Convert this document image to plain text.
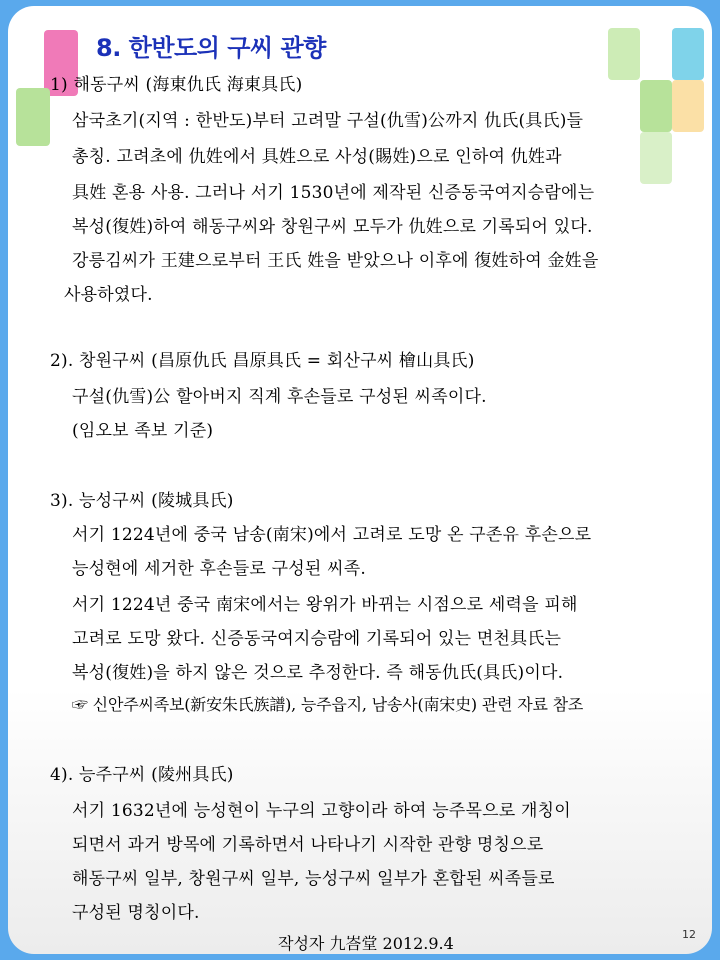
8. 한반도의 구씨 관향
1) 해동구씨 (海東仇氏 海東具氏)
삼국초기(지역 : 한반도)부터 고려말 구설(仇雪)公까지 仇氏(具氏)들
총칭. 고려초에 仇姓에서 具姓으로 사성(賜姓)으로 인하여 仇姓과
具姓 혼용 사용. 그러나 서기 1530년에 제작된 신증동국여지승람에는
복성(復姓)하여 해동구씨와 창원구씨 모두가 仇姓으로 기록되어 있다.
강릉김씨가 王建으로부터 王氏 姓을 받았으나 이후에 復姓하여 金姓을
사용하였다.
2). 창원구씨 (昌原仇氏 昌原具氏 = 회산구씨 檜山具氏)
구설(仇雪)公 할아버지 직계 후손들로 구성된 씨족이다.
(임오보 족보 기준)
3). 능성구씨 (陵城具氏)
서기 1224년에 중국 남송(南宋)에서 고려로 도망 온 구존유 후손으로
능성현에 세거한 후손들로 구성된 씨족.
서기 1224년 중국 南宋에서는 왕위가 바뀌는 시점으로 세력을 피해
고려로 도망 왔다. 신증동국여지승람에 기록되어 있는 면천具氏는
복성(復姓)을 하지 않은 것으로 추정한다. 즉 해동仇氏(具氏)이다.
☞ 신안주씨족보(新安朱氏族譜), 능주읍지, 남송사(南宋史) 관련 자료 참조
4). 능주구씨 (陵州具氏)
서기 1632년에 능성현이 누구의 고향이라 하여 능주목으로 개칭이
되면서 과거 방목에 기록하면서 나타나기 시작한 관향 명칭으로
해동구씨 일부, 창원구씨 일부, 능성구씨 일부가 혼합된 씨족들로
구성된 명칭이다.
작성자 九峇堂 2012.9.4	12
